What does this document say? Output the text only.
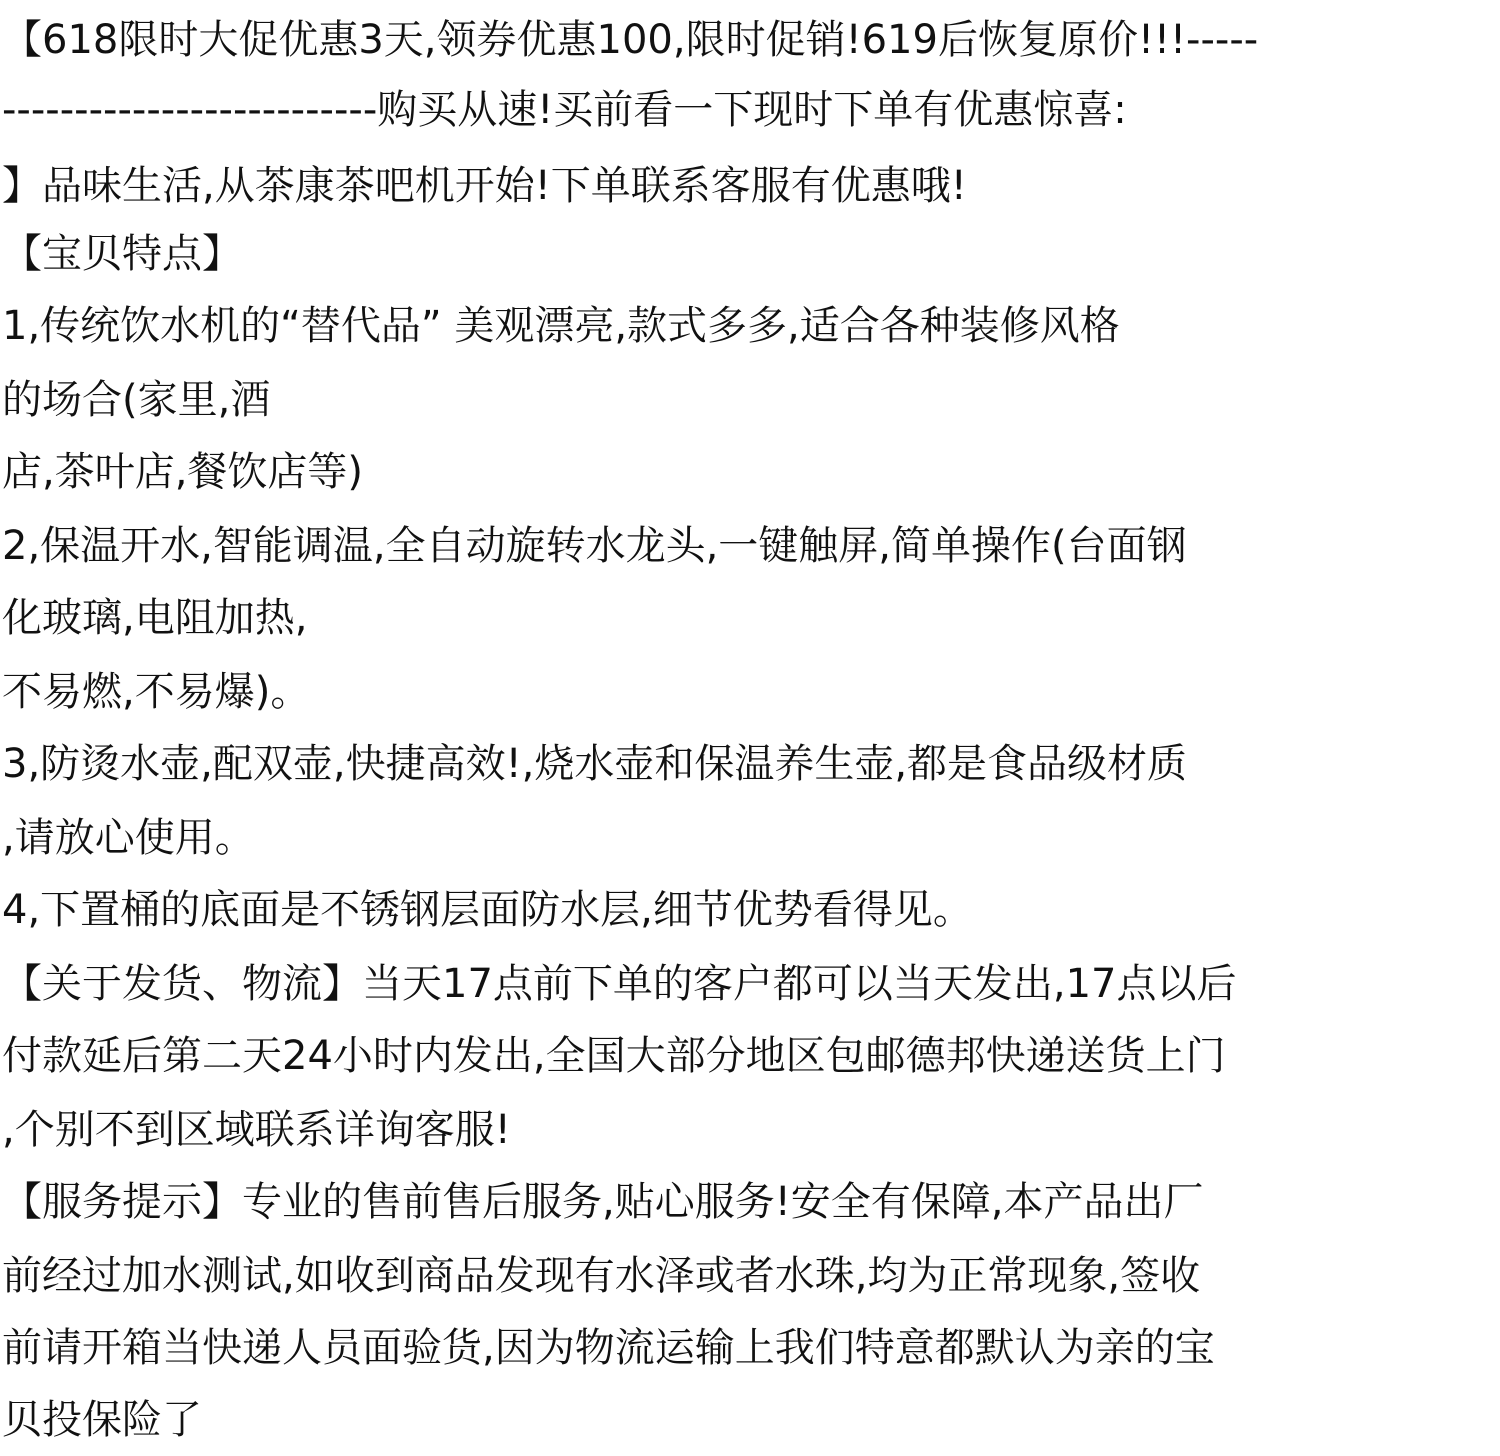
【618限时大促优惠3天,领券优惠100,限时促销!619后恢复原价!!!-----
--------------------------购买从速!买前看一下现时下单有优惠惊喜:
】品味生活,从茶康茶吧机开始!下单联系客服有优惠哦!
【宝贝特点】
1,传统饮水机的“替代品” 美观漂亮,款式多多,适合各种装修风格
的场合(家里,酒
店,茶叶店,餐饮店等)
2,保温开水,智能调温,全自动旋转水龙头,一键触屏,简单操作(台面钢
化玻璃,电阻加热,
不易燃,不易爆)。
3,防烫水壶,配双壶,快捷高效!,烧水壶和保温养生壶,都是食品级材质
,请放心使用。
4,下置桶的底面是不锈钢层面防水层,细节优势看得见。
【关于发货、物流】当天17点前下单的客户都可以当天发出,17点以后
付款延后第二天24小时内发出,全国大部分地区包邮德邦快递送货上门
,个别不到区域联系详询客服!
【服务提示】专业的售前售后服务,贴心服务!安全有保障,本产品出厂
前经过加水测试,如收到商品发现有水泽或者水珠,均为正常现象,签收
前请开箱当快递人员面验货,因为物流运输上我们特意都默认为亲的宝
贝投保险了
